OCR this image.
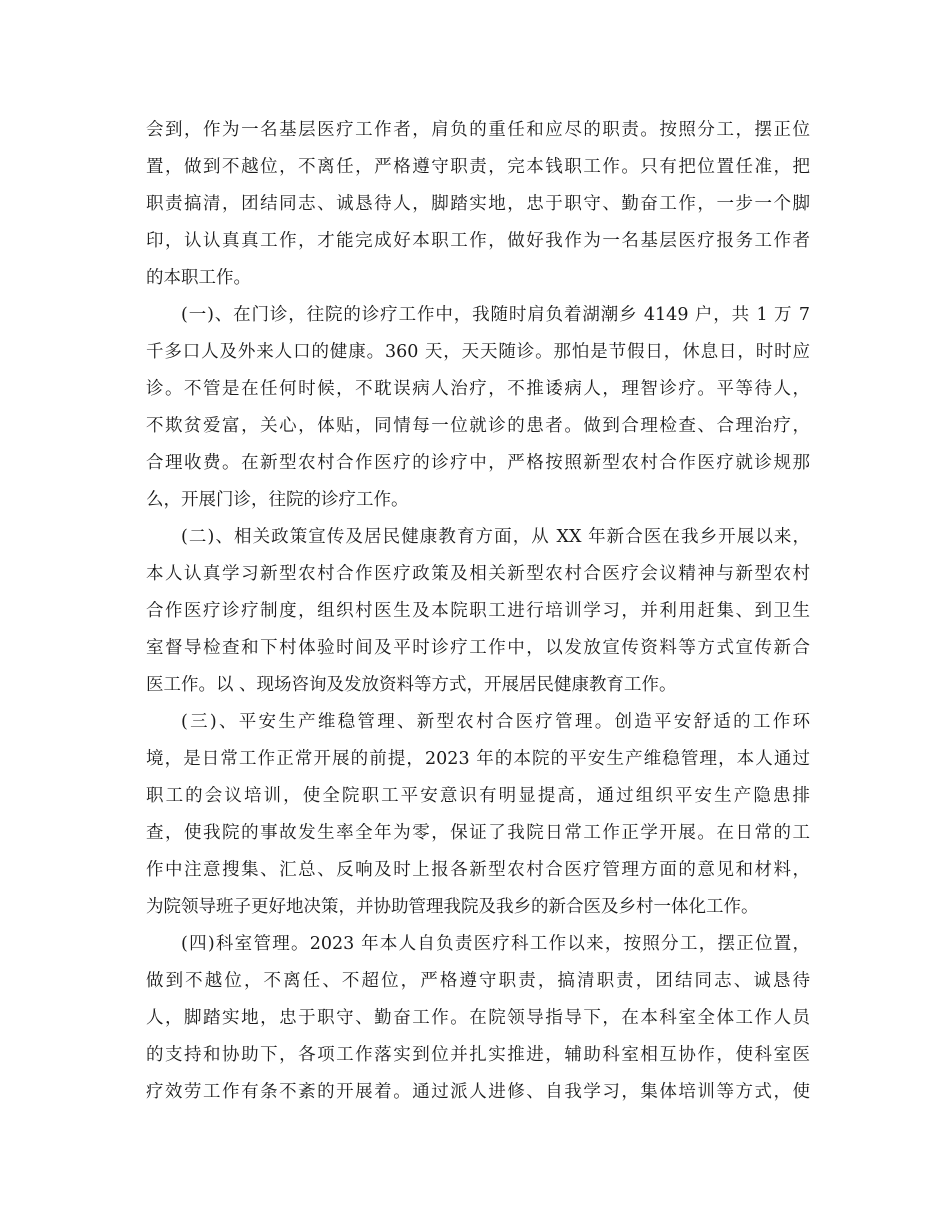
会到，作为一名基层医疗工作者，肩负的重任和应尽的职责。按照分工，摆正位
置，做到不越位，不离任，严格遵守职责，完本钱职工作。只有把位置任准，把
职责搞清，团结同志、诚恳待人，脚踏实地，忠于职守、勤奋工作，一步一个脚
印，认认真真工作，才能完成好本职工作，做好我作为一名基层医疗报务工作者
的本职工作。
(一)、在门诊，往院的诊疗工作中，我随时肩负着湖潮乡 4149 户，共 1 万 7
千多口人及外来人口的健康。360 天，天天随诊。那怕是节假日，休息日，时时应
诊。不管是在任何时候，不耽误病人治疗，不推诿病人，理智诊疗。平等待人，
不欺贫爱富，关心，体贴，同情每一位就诊的患者。做到合理检查、合理治疗，
合理收费。在新型农村合作医疗的诊疗中，严格按照新型农村合作医疗就诊规那
么，开展门诊，往院的诊疗工作。
(二)、相关政策宣传及居民健康教育方面，从 XX 年新合医在我乡开展以来，
本人认真学习新型农村合作医疗政策及相关新型农村合医疗会议精神与新型农村
合作医疗诊疗制度，组织村医生及本院职工进行培训学习，并利用赶集、到卫生
室督导检查和下村体验时间及平时诊疗工作中，以发放宣传资料等方式宣传新合
医工作。以 、现场咨询及发放资料等方式，开展居民健康教育工作。
(三)、平安生产维稳管理、新型农村合医疗管理。创造平安舒适的工作环
境，是日常工作正常开展的前提，2023 年的本院的平安生产维稳管理，本人通过
职工的会议培训，使全院职工平安意识有明显提高，通过组织平安生产隐患排
查，使我院的事故发生率全年为零，保证了我院日常工作正学开展。在日常的工
作中注意搜集、汇总、反响及时上报各新型农村合医疗管理方面的意见和材料，
为院领导班子更好地决策，并协助管理我院及我乡的新合医及乡村一体化工作。
(四)科室管理。2023 年本人自负责医疗科工作以来，按照分工，摆正位置，
做到不越位，不离任、不超位，严格遵守职责，搞清职责，团结同志、诚恳待
人，脚踏实地，忠于职守、勤奋工作。在院领导指导下，在本科室全体工作人员
的支持和协助下，各项工作落实到位并扎实推进，辅助科室相互协作，使科室医
疗效劳工作有条不紊的开展着。通过派人进修、自我学习，集体培训等方式，使
